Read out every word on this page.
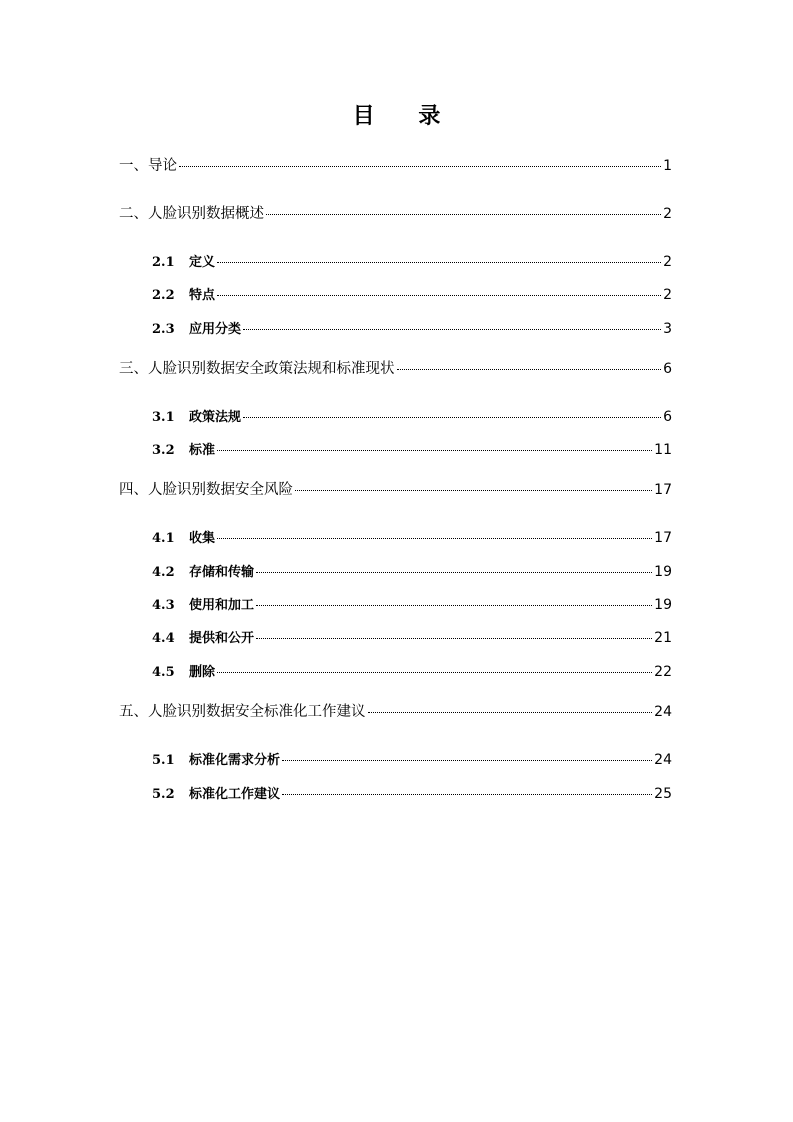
目 录
一、导论	1
二、人脸识别数据概述	2
2.1	定义	2
2.2	特点	2
2.3	应用分类	3
三、人脸识别数据安全政策法规和标准现状	6
3.1	政策法规	6
3.2	标准	11
四、人脸识别数据安全风险	17
4.1	收集	17
4.2	存储和传输	19
4.3	使用和加工	19
4.4	提供和公开	21
4.5	删除	22
五、人脸识别数据安全标准化工作建议	24
5.1	标准化需求分析	24
5.2	标准化工作建议	25
